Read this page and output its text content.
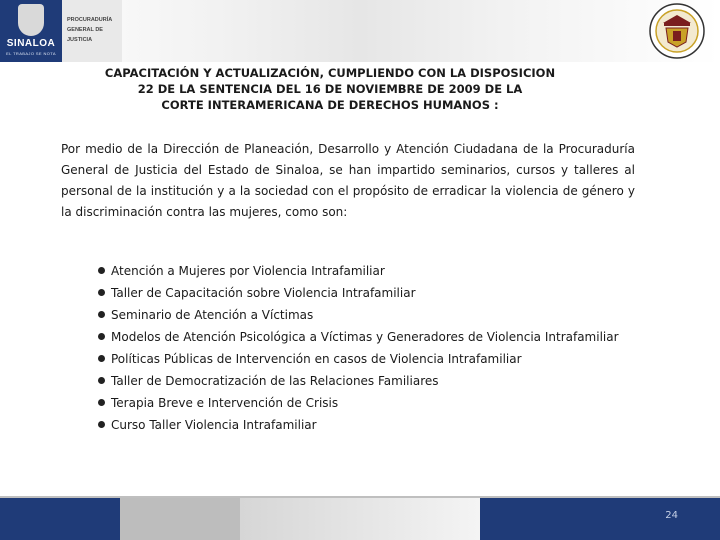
SINALOA
EL TRABAJO SE NOTA
PROCURADURÍA
GENERAL DE
JUSTICIA
CAPACITACIÓN Y ACTUALIZACIÓN, CUMPLIENDO CON LA DISPOSICION
22 DE LA SENTENCIA DEL 16 DE NOVIEMBRE DE 2009 DE LA
CORTE INTERAMERICANA DE DERECHOS HUMANOS :
Por medio de la Dirección de Planeación, Desarrollo y Atención Ciudadana de la Procuraduría General de Justicia del Estado de Sinaloa, se han impartido seminarios, cursos y talleres al personal de la institución y a la sociedad con el propósito de erradicar la violencia de género y la discriminación contra las mujeres, como son:
Atención a Mujeres por Violencia Intrafamiliar
Taller de Capacitación sobre Violencia Intrafamiliar
Seminario de Atención a Víctimas
Modelos de Atención Psicológica a Víctimas y Generadores de Violencia Intrafamiliar
Políticas Públicas de Intervención en casos de Violencia Intrafamiliar
Taller de Democratización de las Relaciones Familiares
Terapia Breve e Intervención de Crisis
Curso Taller Violencia Intrafamiliar
24
